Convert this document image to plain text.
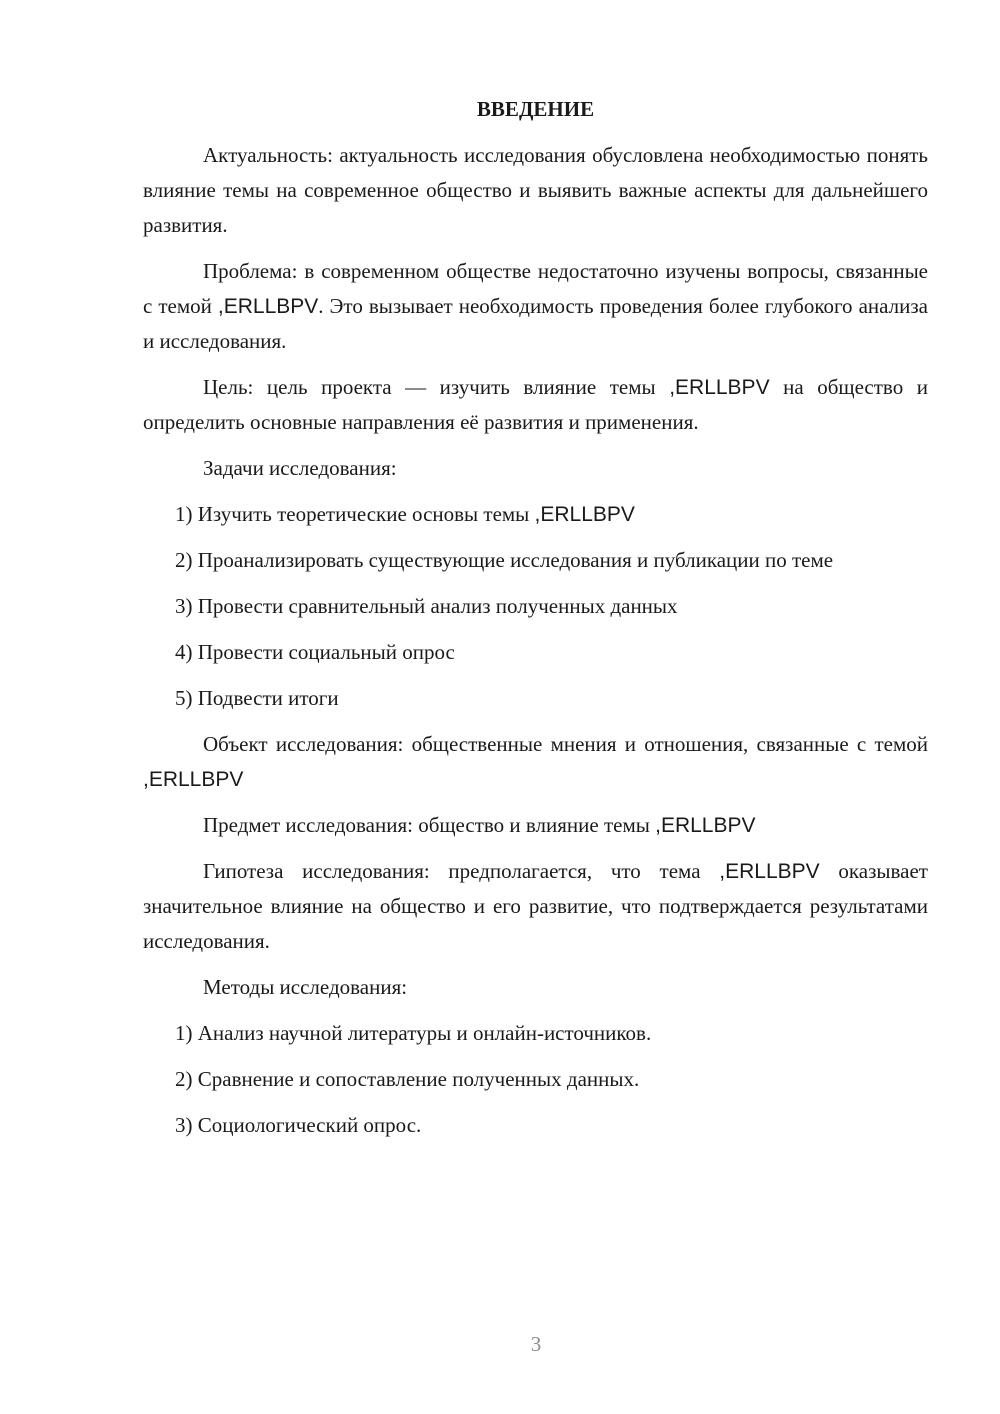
ВВЕДЕНИЕ

Актуальность: актуальность исследования обусловлена необходимостью понять влияние темы на современное общество и выявить важные аспекты для дальнейшего развития.

Проблема: в современном обществе недостаточно изучены вопросы, связанные с темой ,ERLLBPV. Это вызывает необходимость проведения более глубокого анализа и исследования.

Цель: цель проекта — изучить влияние темы ,ERLLBPV на общество и определить основные направления её развития и применения.

Задачи исследования:

1) Изучить теоретические основы темы ,ERLLBPV

2) Проанализировать существующие исследования и публикации по теме

3) Провести сравнительный анализ полученных данных

4) Провести социальный опрос

5) Подвести итоги

Объект исследования: общественные мнения и отношения, связанные с темой ,ERLLBPV

Предмет исследования: общество и влияние темы ,ERLLBPV

Гипотеза исследования: предполагается, что тема ,ERLLBPV оказывает значительное влияние на общество и его развитие, что подтверждается результатами исследования.

Методы исследования:

1) Анализ научной литературы и онлайн-источников.

2) Сравнение и сопоставление полученных данных.

3) Социологический опрос.

3
